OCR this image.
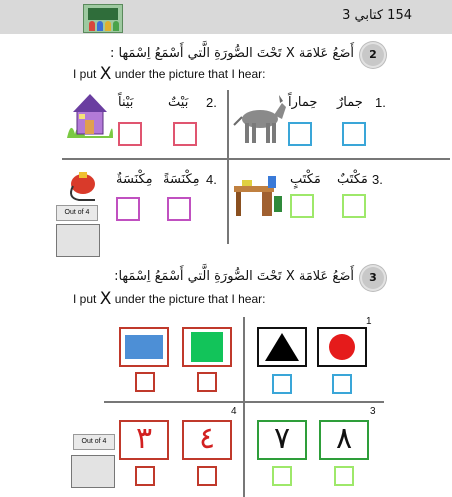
154 كتابي 3
2
أَضَعُ عَلامَة X تَحْتَ الصُّورَةِ الَّتي أَسْمَعُ اِسْمَها :
I put X under the picture that I hear:
1.
جمارٌ
حِماراً
2.
بَيْتٌ
بَيْناً
3.
مَكْتَبٌ
مَكْتَبٍ
4.
مِكْنَسَةً
مِكْنَسَةٌ
Out of 4
3
أَضَعُ عَلامَة X تَحْتَ الصُّورَةِ الَّتي أَسْمَعُ اِسْمَها:
I put X under the picture that I hear:
1
3
٧	٨
4
٣	٤
Out of 4
